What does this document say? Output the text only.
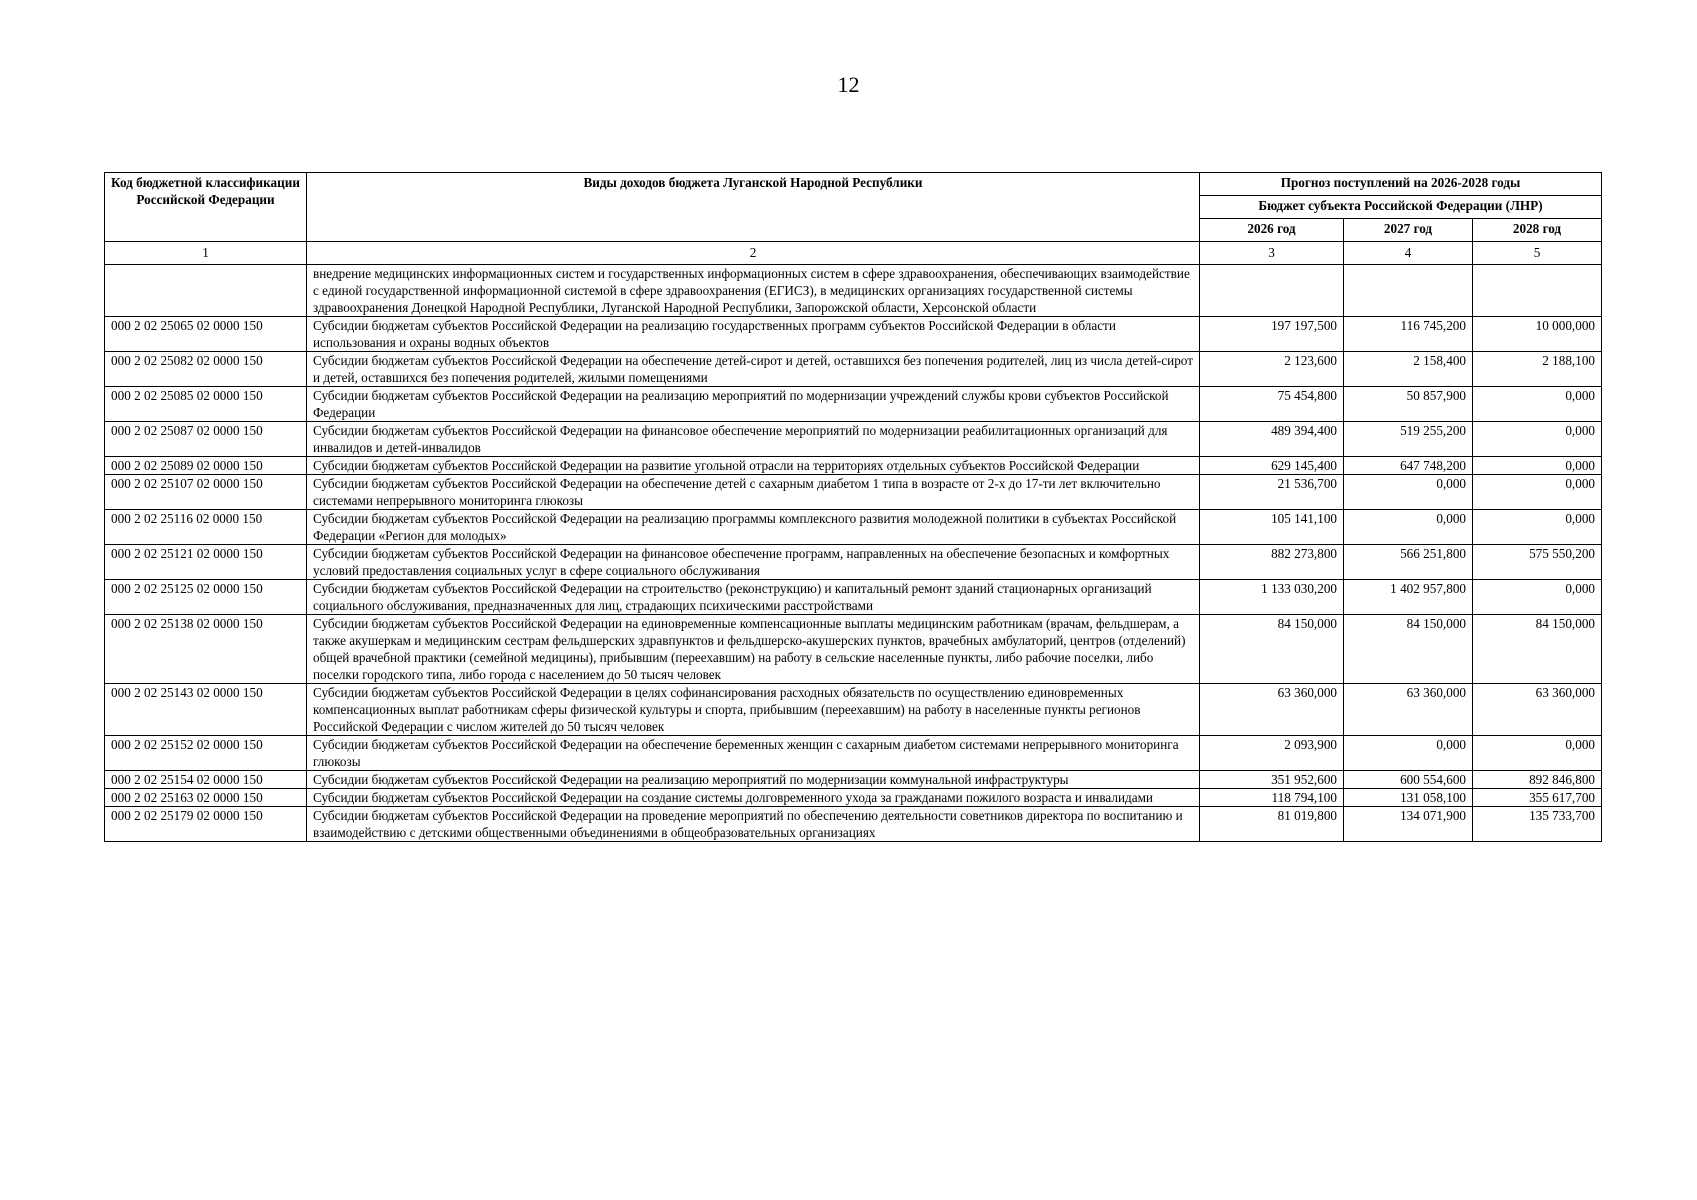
12
Код бюджетной классификации Российской Федерации	Виды доходов бюджета Луганской Народной Республики	Прогноз поступлений на 2026-2028 годы		
		Бюджет субъекта Российской Федерации (ЛНР)		
		2026 год	2027 год	2028 год
1	2	3	4	5
	внедрение медицинских информационных систем и государственных информационных систем в сфере здравоохранения, обеспечивающих взаимодействие с единой государственной информационной системой в сфере здравоохранения (ЕГИСЗ), в медицинских организациях государственной системы здравоохранения Донецкой Народной Республики, Луганской Народной Республики, Запорожской области, Херсонской области			
000 2 02 25065 02 0000 150	Субсидии бюджетам субъектов Российской Федерации на реализацию государственных программ субъектов Российской Федерации в области использования и охраны водных объектов	197 197,500	116 745,200	10 000,000
000 2 02 25082 02 0000 150	Субсидии бюджетам субъектов Российской Федерации на обеспечение детей-сирот и детей, оставшихся без попечения родителей, лиц из числа детей-сирот и детей, оставшихся без попечения родителей, жилыми помещениями	2 123,600	2 158,400	2 188,100
000 2 02 25085 02 0000 150	Субсидии бюджетам субъектов Российской Федерации на реализацию мероприятий по модернизации учреждений службы крови субъектов Российской Федерации	75 454,800	50 857,900	0,000
000 2 02 25087 02 0000 150	Субсидии бюджетам субъектов Российской Федерации на финансовое обеспечение мероприятий по модернизации реабилитационных организаций для инвалидов и детей-инвалидов	489 394,400	519 255,200	0,000
000 2 02 25089 02 0000 150	Субсидии бюджетам субъектов Российской Федерации на развитие угольной отрасли на территориях отдельных субъектов Российской Федерации	629 145,400	647 748,200	0,000
000 2 02 25107 02 0000 150	Субсидии бюджетам субъектов Российской Федерации на обеспечение детей с сахарным диабетом 1 типа в возрасте от 2-х до 17-ти лет включительно системами непрерывного мониторинга глюкозы	21 536,700	0,000	0,000
000 2 02 25116 02 0000 150	Субсидии бюджетам субъектов Российской Федерации на реализацию программы комплексного развития молодежной политики в субъектах Российской Федерации «Регион для молодых»	105 141,100	0,000	0,000
000 2 02 25121 02 0000 150	Субсидии бюджетам субъектов Российской Федерации на финансовое обеспечение программ, направленных на обеспечение безопасных и комфортных условий предоставления социальных услуг в сфере социального обслуживания	882 273,800	566 251,800	575 550,200
000 2 02 25125 02 0000 150	Субсидии бюджетам субъектов Российской Федерации на строительство (реконструкцию) и капитальный ремонт зданий стационарных организаций социального обслуживания, предназначенных для лиц, страдающих психическими расстройствами	1 133 030,200	1 402 957,800	0,000
000 2 02 25138 02 0000 150	Субсидии бюджетам субъектов Российской Федерации на единовременные компенсационные выплаты медицинским работникам (врачам, фельдшерам, а также акушеркам и медицинским сестрам фельдшерских здравпунктов и фельдшерско-акушерских пунктов, врачебных амбулаторий, центров (отделений) общей врачебной практики (семейной медицины), прибывшим (переехавшим) на работу в сельские населенные пункты, либо рабочие поселки, либо поселки городского типа, либо города с населением до 50 тысяч человек	84 150,000	84 150,000	84 150,000
000 2 02 25143 02 0000 150	Субсидии бюджетам субъектов Российской Федерации в целях софинансирования расходных обязательств по осуществлению единовременных компенсационных выплат работникам сферы физической культуры и спорта, прибывшим (переехавшим) на работу в населенные пункты регионов Российской Федерации с числом жителей до 50 тысяч человек	63 360,000	63 360,000	63 360,000
000 2 02 25152 02 0000 150	Субсидии бюджетам субъектов Российской Федерации на обеспечение беременных женщин с сахарным диабетом системами непрерывного мониторинга глюкозы	2 093,900	0,000	0,000
000 2 02 25154 02 0000 150	Субсидии бюджетам субъектов Российской Федерации на реализацию мероприятий по модернизации коммунальной инфраструктуры	351 952,600	600 554,600	892 846,800
000 2 02 25163 02 0000 150	Субсидии бюджетам субъектов Российской Федерации на создание системы долговременного ухода за гражданами пожилого возраста и инвалидами	118 794,100	131 058,100	355 617,700
000 2 02 25179 02 0000 150	Субсидии бюджетам субъектов Российской Федерации на проведение мероприятий по обеспечению деятельности советников директора по воспитанию и взаимодействию с детскими общественными объединениями в общеобразовательных организациях	81 019,800	134 071,900	135 733,700
